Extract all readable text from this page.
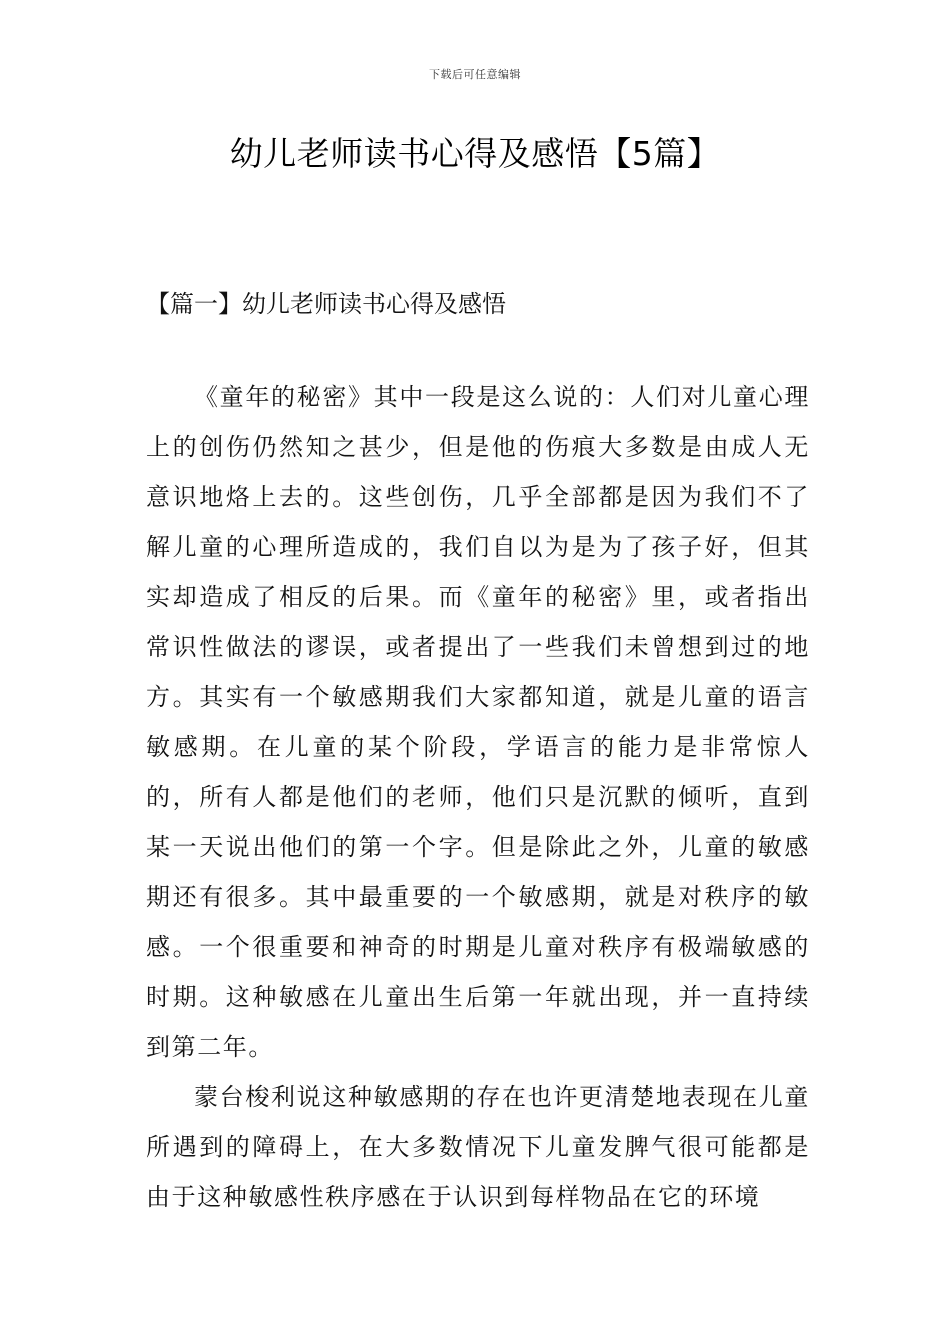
下载后可任意编辑
幼儿老师读书心得及感悟【5篇】
【篇一】幼儿老师读书心得及感悟

《童年的秘密》其中一段是这么说的：人们对儿童心理上的创伤仍然知之甚少，但是他的伤痕大多数是由成人无意识地烙上去的。这些创伤，几乎全部都是因为我们不了解儿童的心理所造成的，我们自以为是为了孩子好，但其实却造成了相反的后果。而《童年的秘密》里，或者指出常识性做法的谬误，或者提出了一些我们未曾想到过的地方。其实有一个敏感期我们大家都知道，就是儿童的语言敏感期。在儿童的某个阶段，学语言的能力是非常惊人的，所有人都是他们的老师，他们只是沉默的倾听，直到某一天说出他们的第一个字。但是除此之外，儿童的敏感期还有很多。其中最重要的一个敏感期，就是对秩序的敏感。一个很重要和神奇的时期是儿童对秩序有极端敏感的时期。这种敏感在儿童出生后第一年就出现，并一直持续到第二年。

蒙台梭利说这种敏感期的存在也许更清楚地表现在儿童所遇到的障碍上，在大多数情况下儿童发脾气很可能都是由于这种敏感性秩序感在于认识到每样物品在它的环境
